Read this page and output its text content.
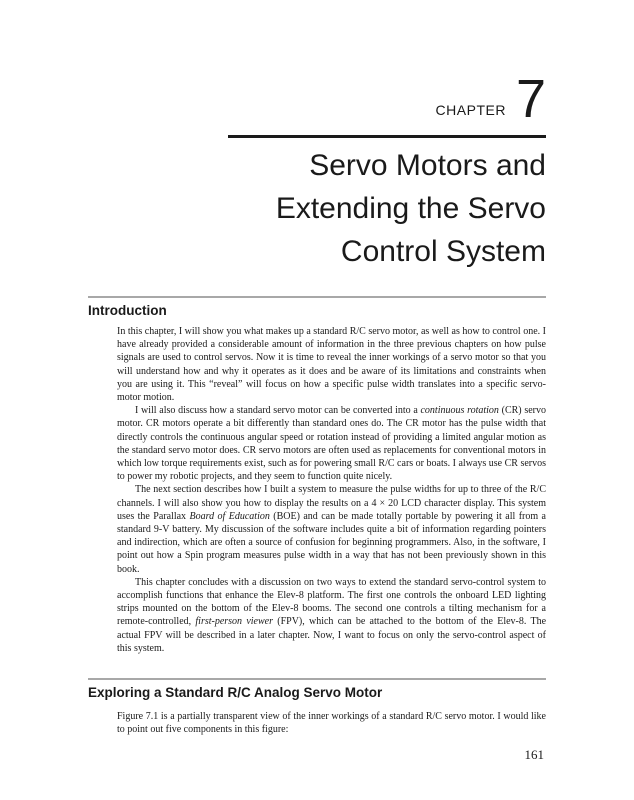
CHAPTER 7
Servo Motors and
Extending the Servo
Control System
Introduction

In this chapter, I will show you what makes up a standard R/C servo motor, as well as how to control one. I have already provided a considerable amount of information in the three previous chapters on how pulse signals are used to control servos. Now it is time to reveal the inner workings of a servo motor so that you will understand how and why it operates as it does and be aware of its limitations and constraints when you are using it. This “reveal” will focus on how a specific pulse width translates into a specific servo-motor motion.

I will also discuss how a standard servo motor can be converted into a continuous rotation (CR) servo motor. CR motors operate a bit differently than standard ones do. The CR motor has the pulse width that directly controls the continuous angular speed or rotation instead of providing a limited angular motion as the standard servo motor does. CR servo motors are often used as replacements for conventional motors in which low torque requirements exist, such as for powering small R/C cars or boats. I always use CR servos to power my robotic projects, and they seem to function quite nicely.

The next section describes how I built a system to measure the pulse widths for up to three of the R/C channels. I will also show you how to display the results on a 4 × 20 LCD character display. This system uses the Parallax Board of Education (BOE) and can be made totally portable by powering it all from a standard 9-V battery. My discussion of the software includes quite a bit of information regarding pointers and indirection, which are often a source of confusion for beginning programmers. Also, in the software, I point out how a Spin program measures pulse width in a way that has not been previously shown in this book.

This chapter concludes with a discussion on two ways to extend the standard servo-control system to accomplish functions that enhance the Elev-8 platform. The first one controls the onboard LED lighting strips mounted on the bottom of the Elev-8 booms. The second one controls a tilting mechanism for a remote-controlled, first-person viewer (FPV), which can be attached to the bottom of the Elev-8. The actual FPV will be described in a later chapter. Now, I want to focus on only the servo-control aspect of this system.

Exploring a Standard R/C Analog Servo Motor

Figure 7.1 is a partially transparent view of the inner workings of a standard R/C servo motor. I would like to point out five components in this figure:

161
